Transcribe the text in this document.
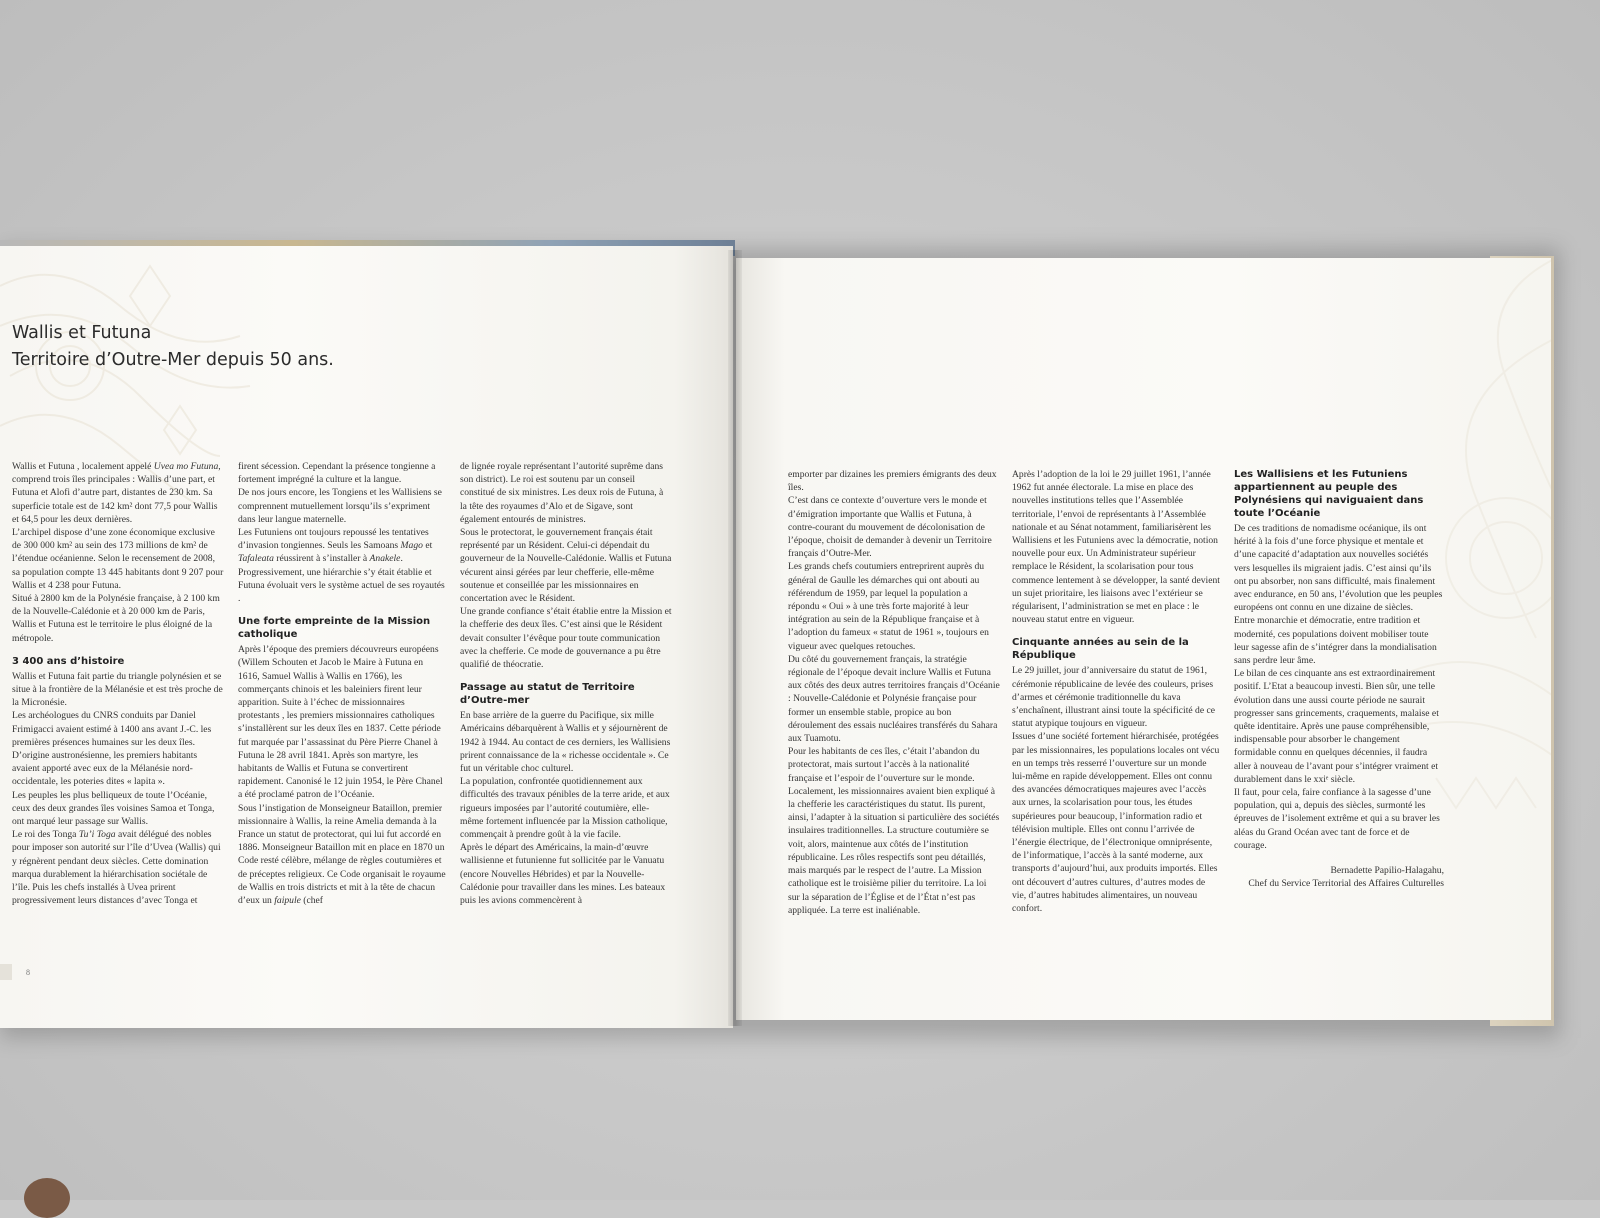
Wallis et Futuna
Territoire d’Outre-Mer depuis 50 ans.

Wallis et Futuna , localement appelé Uvea mo Futuna, comprend trois îles principales : Wallis d’une part, et Futuna et Alofi d’autre part, distantes de 230 km. Sa superficie totale est de 142 km² dont 77,5 pour Wallis et 64,5 pour les deux dernières.

L’archipel dispose d’une zone économique exclusive de 300 000 km² au sein des 173 millions de km² de l’étendue océanienne. Selon le recensement de 2008, sa population compte 13 445 habitants dont 9 207 pour Wallis et 4 238 pour Futuna.

Situé à 2800 km de la Polynésie française, à 2 100 km de la Nouvelle-Calédonie et à 20 000 km de Paris, Wallis et Futuna est le territoire le plus éloigné de la métropole.

3 400 ans d’histoire

Wallis et Futuna fait partie du triangle polynésien et se situe à la frontière de la Mélanésie et est très proche de la Micronésie.

Les archéologues du CNRS conduits par Daniel Frimigacci avaient estimé à 1400 ans avant J.-C. les premières présences humaines sur les deux îles. D’origine austronésienne, les premiers habitants avaient apporté avec eux de la Mélanésie nord-occidentale, les poteries dites « lapita ».

Les peuples les plus belliqueux de toute l’Océanie, ceux des deux grandes îles voisines Samoa et Tonga, ont marqué leur passage sur Wallis.

Le roi des Tonga Tu’i Toga avait délégué des nobles pour imposer son autorité sur l’île d’Uvea (Wallis) qui y régnèrent pendant deux siècles. Cette domination marqua durablement la hiérarchisation sociétale de l’île. Puis les chefs installés à Uvea prirent progressivement leurs distances d’avec Tonga et

firent sécession. Cependant la présence tongienne a fortement imprégné la culture et la langue.

De nos jours encore, les Tongiens et les Wallisiens se comprennent mutuellement lorsqu’ils s’expriment dans leur langue maternelle.

Les Futuniens ont toujours repoussé les tentatives d’invasion tongiennes. Seuls les Samoans Mago et Tafaleata réussirent à s’installer à Anakele. Progressivement, une hiérarchie s’y était établie et Futuna évoluait vers le système actuel de ses royautés .

Une forte empreinte de la Mission catholique

Après l’époque des premiers découvreurs européens (Willem Schouten et Jacob le Maire à Futuna en 1616, Samuel Wallis à Wallis en 1766), les commerçants chinois et les baleiniers firent leur apparition. Suite à l’échec de missionnaires protestants , les premiers missionnaires catholiques s’installèrent sur les deux îles en 1837. Cette période fut marquée par l’assassinat du Père Pierre Chanel à Futuna le 28 avril 1841. Après son martyre, les habitants de Wallis et Futuna se convertirent rapidement. Canonisé le 12 juin 1954, le Père Chanel a été proclamé patron de l’Océanie.

Sous l’instigation de Monseigneur Bataillon, premier missionnaire à Wallis, la reine Amelia demanda à la France un statut de protectorat, qui lui fut accordé en 1886. Monseigneur Bataillon mit en place en 1870 un Code resté célèbre, mélange de règles coutumières et de préceptes religieux. Ce Code organisait le royaume de Wallis en trois districts et mit à la tête de chacun d’eux un faipule (chef

de lignée royale représentant l’autorité suprême dans son district). Le roi est soutenu par un conseil constitué de six ministres. Les deux rois de Futuna, à la tête des royaumes d’Alo et de Sigave, sont également entourés de ministres.

Sous le protectorat, le gouvernement français était représenté par un Résident. Celui-ci dépendait du gouverneur de la Nouvelle-Calédonie. Wallis et Futuna vécurent ainsi gérées par leur chefferie, elle-même soutenue et conseillée par les missionnaires en concertation avec le Résident.

Une grande confiance s’était établie entre la Mission et la chefferie des deux îles. C’est ainsi que le Résident devait consulter l’évêque pour toute communication avec la chefferie. Ce mode de gouvernance a pu être qualifié de théocratie.

Passage au statut de Territoire d’Outre-mer

En base arrière de la guerre du Pacifique, six mille Américains débarquèrent à Wallis et y séjournèrent de 1942 à 1944. Au contact de ces derniers, les Wallisiens prirent connaissance de la « richesse occidentale ». Ce fut un véritable choc culturel.

La population, confrontée quotidiennement aux difficultés des travaux pénibles de la terre aride, et aux rigueurs imposées par l’autorité coutumière, elle-même fortement influencée par la Mission catholique, commençait à prendre goût à la vie facile.

Après le départ des Américains, la main-d’œuvre wallisienne et futunienne fut sollicitée par le Vanuatu (encore Nouvelles Hébrides) et par la Nouvelle-Calédonie pour travailler dans les mines. Les bateaux puis les avions commencèrent à

8

emporter par dizaines les premiers émigrants des deux îles.

C’est dans ce contexte d’ouverture vers le monde et d’émigration importante que Wallis et Futuna, à contre-courant du mouvement de décolonisation de l’époque, choisit de demander à devenir un Territoire français d’Outre-Mer.

Les grands chefs coutumiers entreprirent auprès du général de Gaulle les démarches qui ont abouti au référendum de 1959, par lequel la population a répondu « Oui » à une très forte majorité à leur intégration au sein de la République française et à l’adoption du fameux « statut de 1961 », toujours en vigueur avec quelques retouches.

Du côté du gouvernement français, la stratégie régionale de l’époque devait inclure Wallis et Futuna aux côtés des deux autres territoires français d’Océanie : Nouvelle-Calédonie et Polynésie française pour former un ensemble stable, propice au bon déroulement des essais nucléaires transférés du Sahara aux Tuamotu.

Pour les habitants de ces îles, c’était l’abandon du protectorat, mais surtout l’accès à la nationalité française et l’espoir de l’ouverture sur le monde.

Localement, les missionnaires avaient bien expliqué à la chefferie les caractéristiques du statut. Ils purent, ainsi, l’adapter à la situation si particulière des sociétés insulaires traditionnelles. La structure coutumière se voit, alors, maintenue aux côtés de l’institution républicaine. Les rôles respectifs sont peu détaillés, mais marqués par le respect de l’autre. La Mission catholique est le troisième pilier du territoire. La loi sur la séparation de l’Église et de l’État n’est pas appliquée. La terre est inaliénable.

Après l’adoption de la loi le 29 juillet 1961, l’année 1962 fut année électorale. La mise en place des nouvelles institutions telles que l’Assemblée territoriale, l’envoi de représentants à l’Assemblée nationale et au Sénat notamment, familiarisèrent les Wallisiens et les Futuniens avec la démocratie, notion nouvelle pour eux. Un Administrateur supérieur remplace le Résident, la scolarisation pour tous commence lentement à se développer, la santé devient un sujet prioritaire, les liaisons avec l’extérieur se régularisent, l’administration se met en place : le nouveau statut entre en vigueur.

Cinquante années au sein de la République

Le 29 juillet, jour d’anniversaire du statut de 1961, cérémonie républicaine de levée des couleurs, prises d’armes et cérémonie traditionnelle du kava s’enchaînent, illustrant ainsi toute la spécificité de ce statut atypique toujours en vigueur.

Issues d’une société fortement hiérarchisée, protégées par les missionnaires, les populations locales ont vécu en un temps très resserré l’ouverture sur un monde lui-même en rapide développement. Elles ont connu des avancées démocratiques majeures avec l’accès aux urnes, la scolarisation pour tous, les études supérieures pour beaucoup, l’information radio et télévision multiple. Elles ont connu l’arrivée de l’énergie électrique, de l’électronique omniprésente, de l’informatique, l’accès à la santé moderne, aux transports d’aujourd’hui, aux produits importés. Elles ont découvert d’autres cultures, d’autres modes de vie, d’autres habitudes alimentaires, un nouveau confort.

Les Wallisiens et les Futuniens appartiennent au peuple des Polynésiens qui naviguaient dans toute l’Océanie

De ces traditions de nomadisme océanique, ils ont hérité à la fois d’une force physique et mentale et d’une capacité d’adaptation aux nouvelles sociétés vers lesquelles ils migraient jadis. C’est ainsi qu’ils ont pu absorber, non sans difficulté, mais finalement avec endurance, en 50 ans, l’évolution que les peuples européens ont connu en une dizaine de siècles.

Entre monarchie et démocratie, entre tradition et modernité, ces populations doivent mobiliser toute leur sagesse afin de s’intégrer dans la mondialisation sans perdre leur âme.

Le bilan de ces cinquante ans est extraordinairement positif. L’Etat a beaucoup investi. Bien sûr, une telle évolution dans une aussi courte période ne saurait progresser sans grincements, craquements, malaise et quête identitaire. Après une pause compréhensible, indispensable pour absorber le changement formidable connu en quelques décennies, il faudra aller à nouveau de l’avant pour s’intégrer vraiment et durablement dans le xxiᵉ siècle.

Il faut, pour cela, faire confiance à la sagesse d’une population, qui a, depuis des siècles, surmonté les épreuves de l’isolement extrême et qui a su braver les aléas du Grand Océan avec tant de force et de courage.

Bernadette Papilio-Halagahu,
Chef du Service Territorial des Affaires Culturelles
